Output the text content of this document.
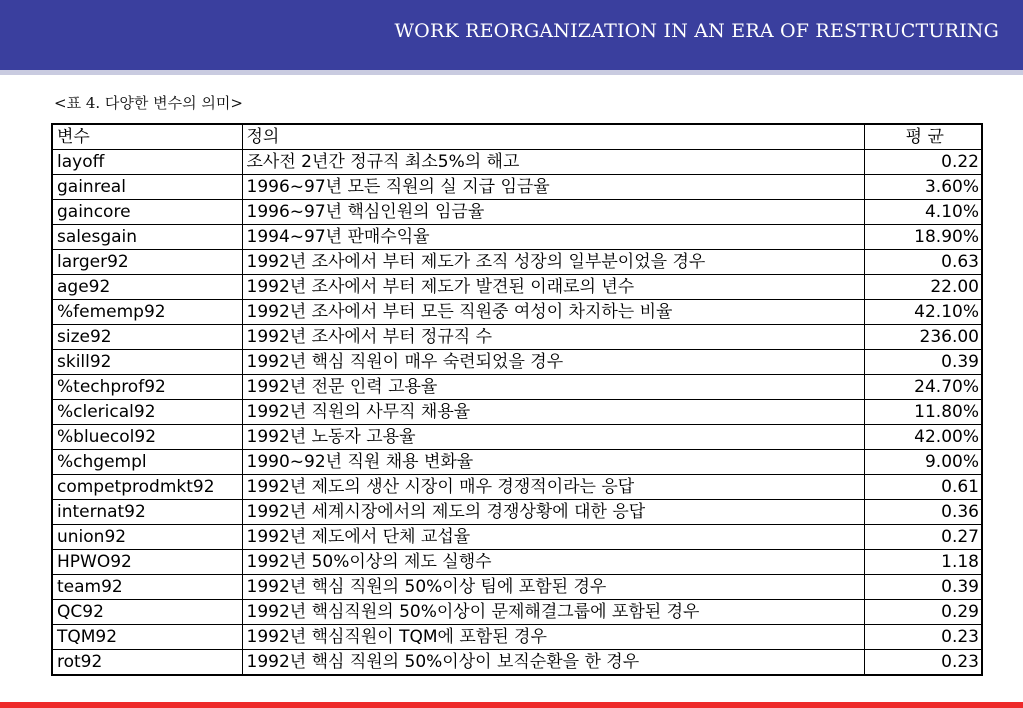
WORK REORGANIZATION IN AN ERA OF RESTRUCTURING
<표 4. 다양한 변수의 의미>
변수	정의	평 균
layoff	조사전 2년간 정규직 최소5%의 해고	0.22
gainreal	1996~97년 모든 직원의 실 지급 임금율	3.60%
gaincore	1996~97년 핵심인원의 임금율	4.10%
salesgain	1994~97년 판매수익율	18.90%
larger92	1992년 조사에서 부터 제도가 조직 성장의 일부분이었을 경우	0.63
age92	1992년 조사에서 부터 제도가 발견된 이래로의 년수	22.00
%fememp92	1992년 조사에서 부터 모든 직원중 여성이 차지하는 비율	42.10%
size92	1992년 조사에서 부터 정규직 수	236.00
skill92	1992년 핵심 직원이 매우 숙련되었을 경우	0.39
%techprof92	1992년 전문 인력 고용율	24.70%
%clerical92	1992년 직원의 사무직 채용율	11.80%
%bluecol92	1992년 노동자 고용율	42.00%
%chgempl	1990~92년 직원 채용 변화율	9.00%
competprodmkt92	1992년 제도의 생산 시장이 매우 경쟁적이라는 응답	0.61
internat92	1992년 세계시장에서의 제도의 경쟁상황에 대한 응답	0.36
union92	1992년 제도에서 단체 교섭율	0.27
HPWO92	1992년 50%이상의 제도 실행수	1.18
team92	1992년 핵심 직원의 50%이상 팀에 포함된 경우	0.39
QC92	1992년 핵심직원의 50%이상이 문제해결그룹에 포함된 경우	0.29
TQM92	1992년 핵심직원이 TQM에 포함된 경우	0.23
rot92	1992년 핵심 직원의 50%이상이 보직순환을 한 경우	0.23
